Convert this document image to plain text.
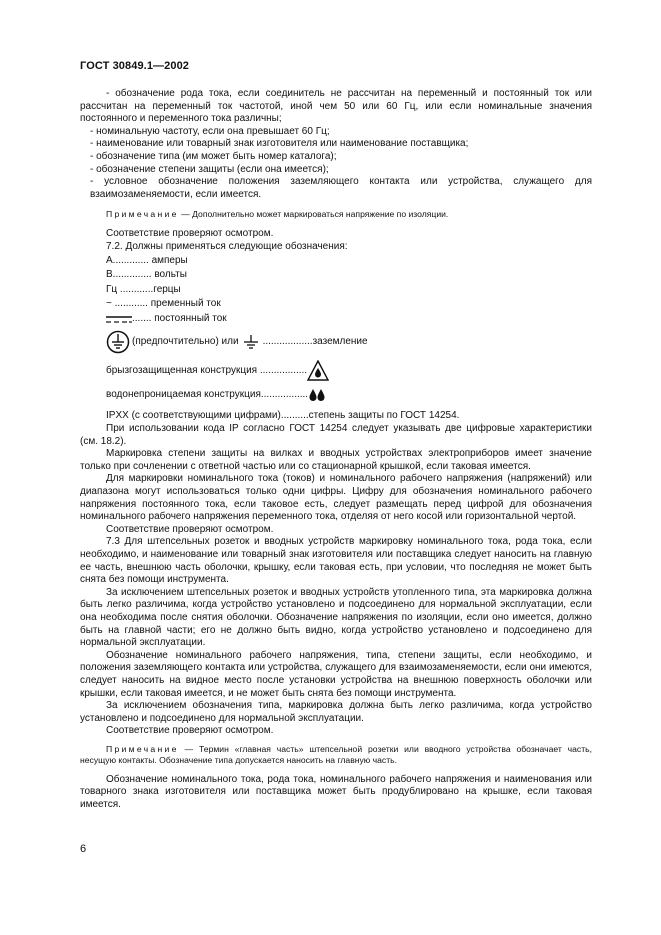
ГОСТ 30849.1—2002

- обозначение рода тока, если соединитель не рассчитан на переменный и постоянный ток или рассчитан на переменный ток частотой, иной чем 50 или 60 Гц, или если номинальные значения постоянного и переменного тока различны;

- номинальную частоту, если она превышает 60 Гц;

- наименование или товарный знак изготовителя или наименование поставщика;

- обозначение типа (им может быть номер каталога);

- обозначение степени защиты (если она имеется);

- условное обозначение положения заземляющего контакта или устройства, служащего для взаимозаменяемости, если имеется.

Примечание — Дополнительно может маркироваться напряжение по изоляции.

Соответствие проверяют осмотром.

7.2. Должны применяться следующие обозначения:

А............. амперы
В.............. вольты
Гц ............герцы
~ ............ пременный ток
....... постоянный ток
(предпочтительно) или ..................заземление
брызгозащищенная конструкция .................
водонепроницаемая конструкция.................
IPXX (с соответствующими цифрами)..........степень защиты по ГОСТ 14254.

При использовании кода IP согласно ГОСТ 14254 следует указывать две цифровые характеристики (см. 18.2).

Маркировка степени защиты на вилках и вводных устройствах электроприборов имеет значение только при сочленении с ответной частью или со стационарной крышкой, если таковая имеется.

Для маркировки номинального тока (токов) и номинального рабочего напряжения (напряжений) или диапазона могут использоваться только одни цифры. Цифру для обозначения номинального рабочего напряжения постоянного тока, если таковое есть, следует размещать перед цифрой для обозначения номинального рабочего напряжения переменного тока, отделяя от него косой или горизонтальной чертой.

Соответствие проверяют осмотром.

7.3 Для штепсельных розеток и вводных устройств маркировку номинального тока, рода тока, если необходимо, и наименование или товарный знак изготовителя или поставщика следует наносить на главную ее часть, внешнюю часть оболочки, крышку, если таковая есть, при условии, что последняя не может быть снята без помощи инструмента.

За исключением штепсельных розеток и вводных устройств утопленного типа, эта маркировка должна быть легко различима, когда устройство установлено и подсоединено для нормальной эксплуатации, если она необходима после снятия оболочки. Обозначение напряжения по изоляции, если оно имеется, должно быть на главной части; его не должно быть видно, когда устройство установлено и подсоединено для нормальной эксплуатации.

Обозначение номинального рабочего напряжения, типа, степени защиты, если необходимо, и положения заземляющего контакта или устройства, служащего для взаимозаменяемости, если они имеются, следует наносить на видное место после установки устройства на внешнюю поверхность оболочки или крышки, если таковая имеется, и не может быть снята без помощи инструмента.

За исключением обозначения типа, маркировка должна быть легко различима, когда устройство установлено и подсоединено для нормальной эксплуатации.

Соответствие проверяют осмотром.

Примечание — Термин «главная часть» штепсельной розетки или вводного устройства обозначает часть, несущую контакты. Обозначение типа допускается наносить на главную часть.

Обозначение номинального тока, рода тока, номинального рабочего напряжения и наименования или товарного знака изготовителя или поставщика может быть продублировано на крышке, если таковая имеется.

6
